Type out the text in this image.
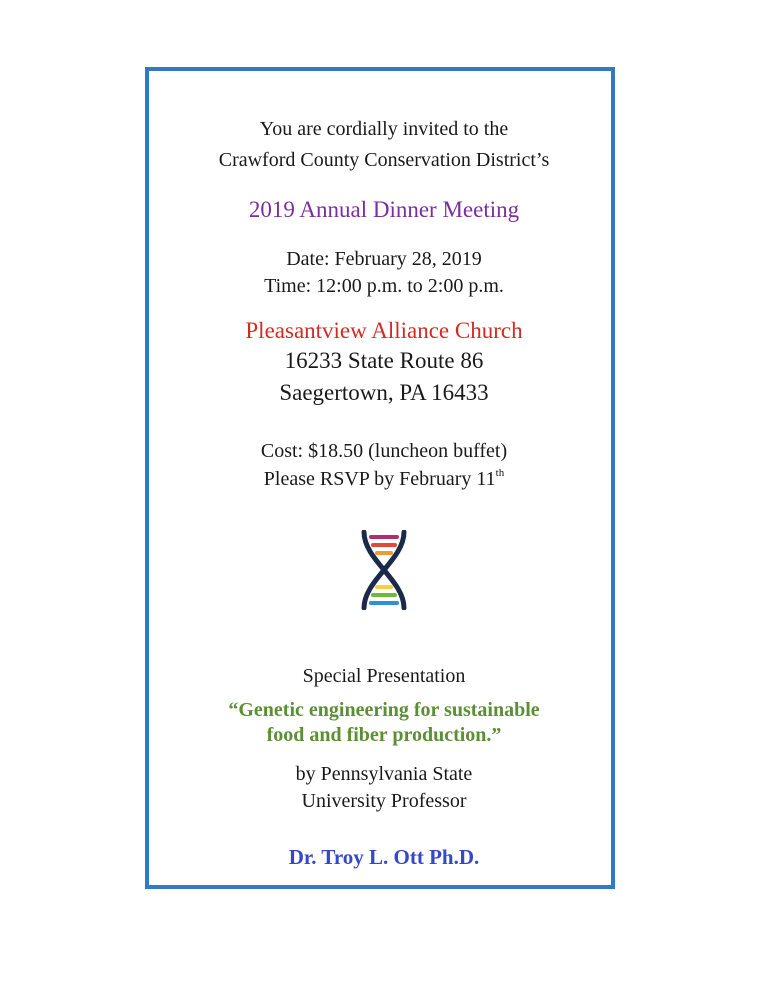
You are cordially invited to the
Crawford County Conservation District’s
2019 Annual Dinner Meeting
Date: February 28, 2019
Time: 12:00 p.m. to 2:00 p.m.
Pleasantview Alliance Church
16233 State Route 86
Saegertown, PA 16433
Cost: $18.50 (luncheon buffet)
Please RSVP by February 11th
Special Presentation
“Genetic engineering for sustainable
food and fiber production.”
by Pennsylvania State
University Professor
Dr. Troy L. Ott Ph.D.
